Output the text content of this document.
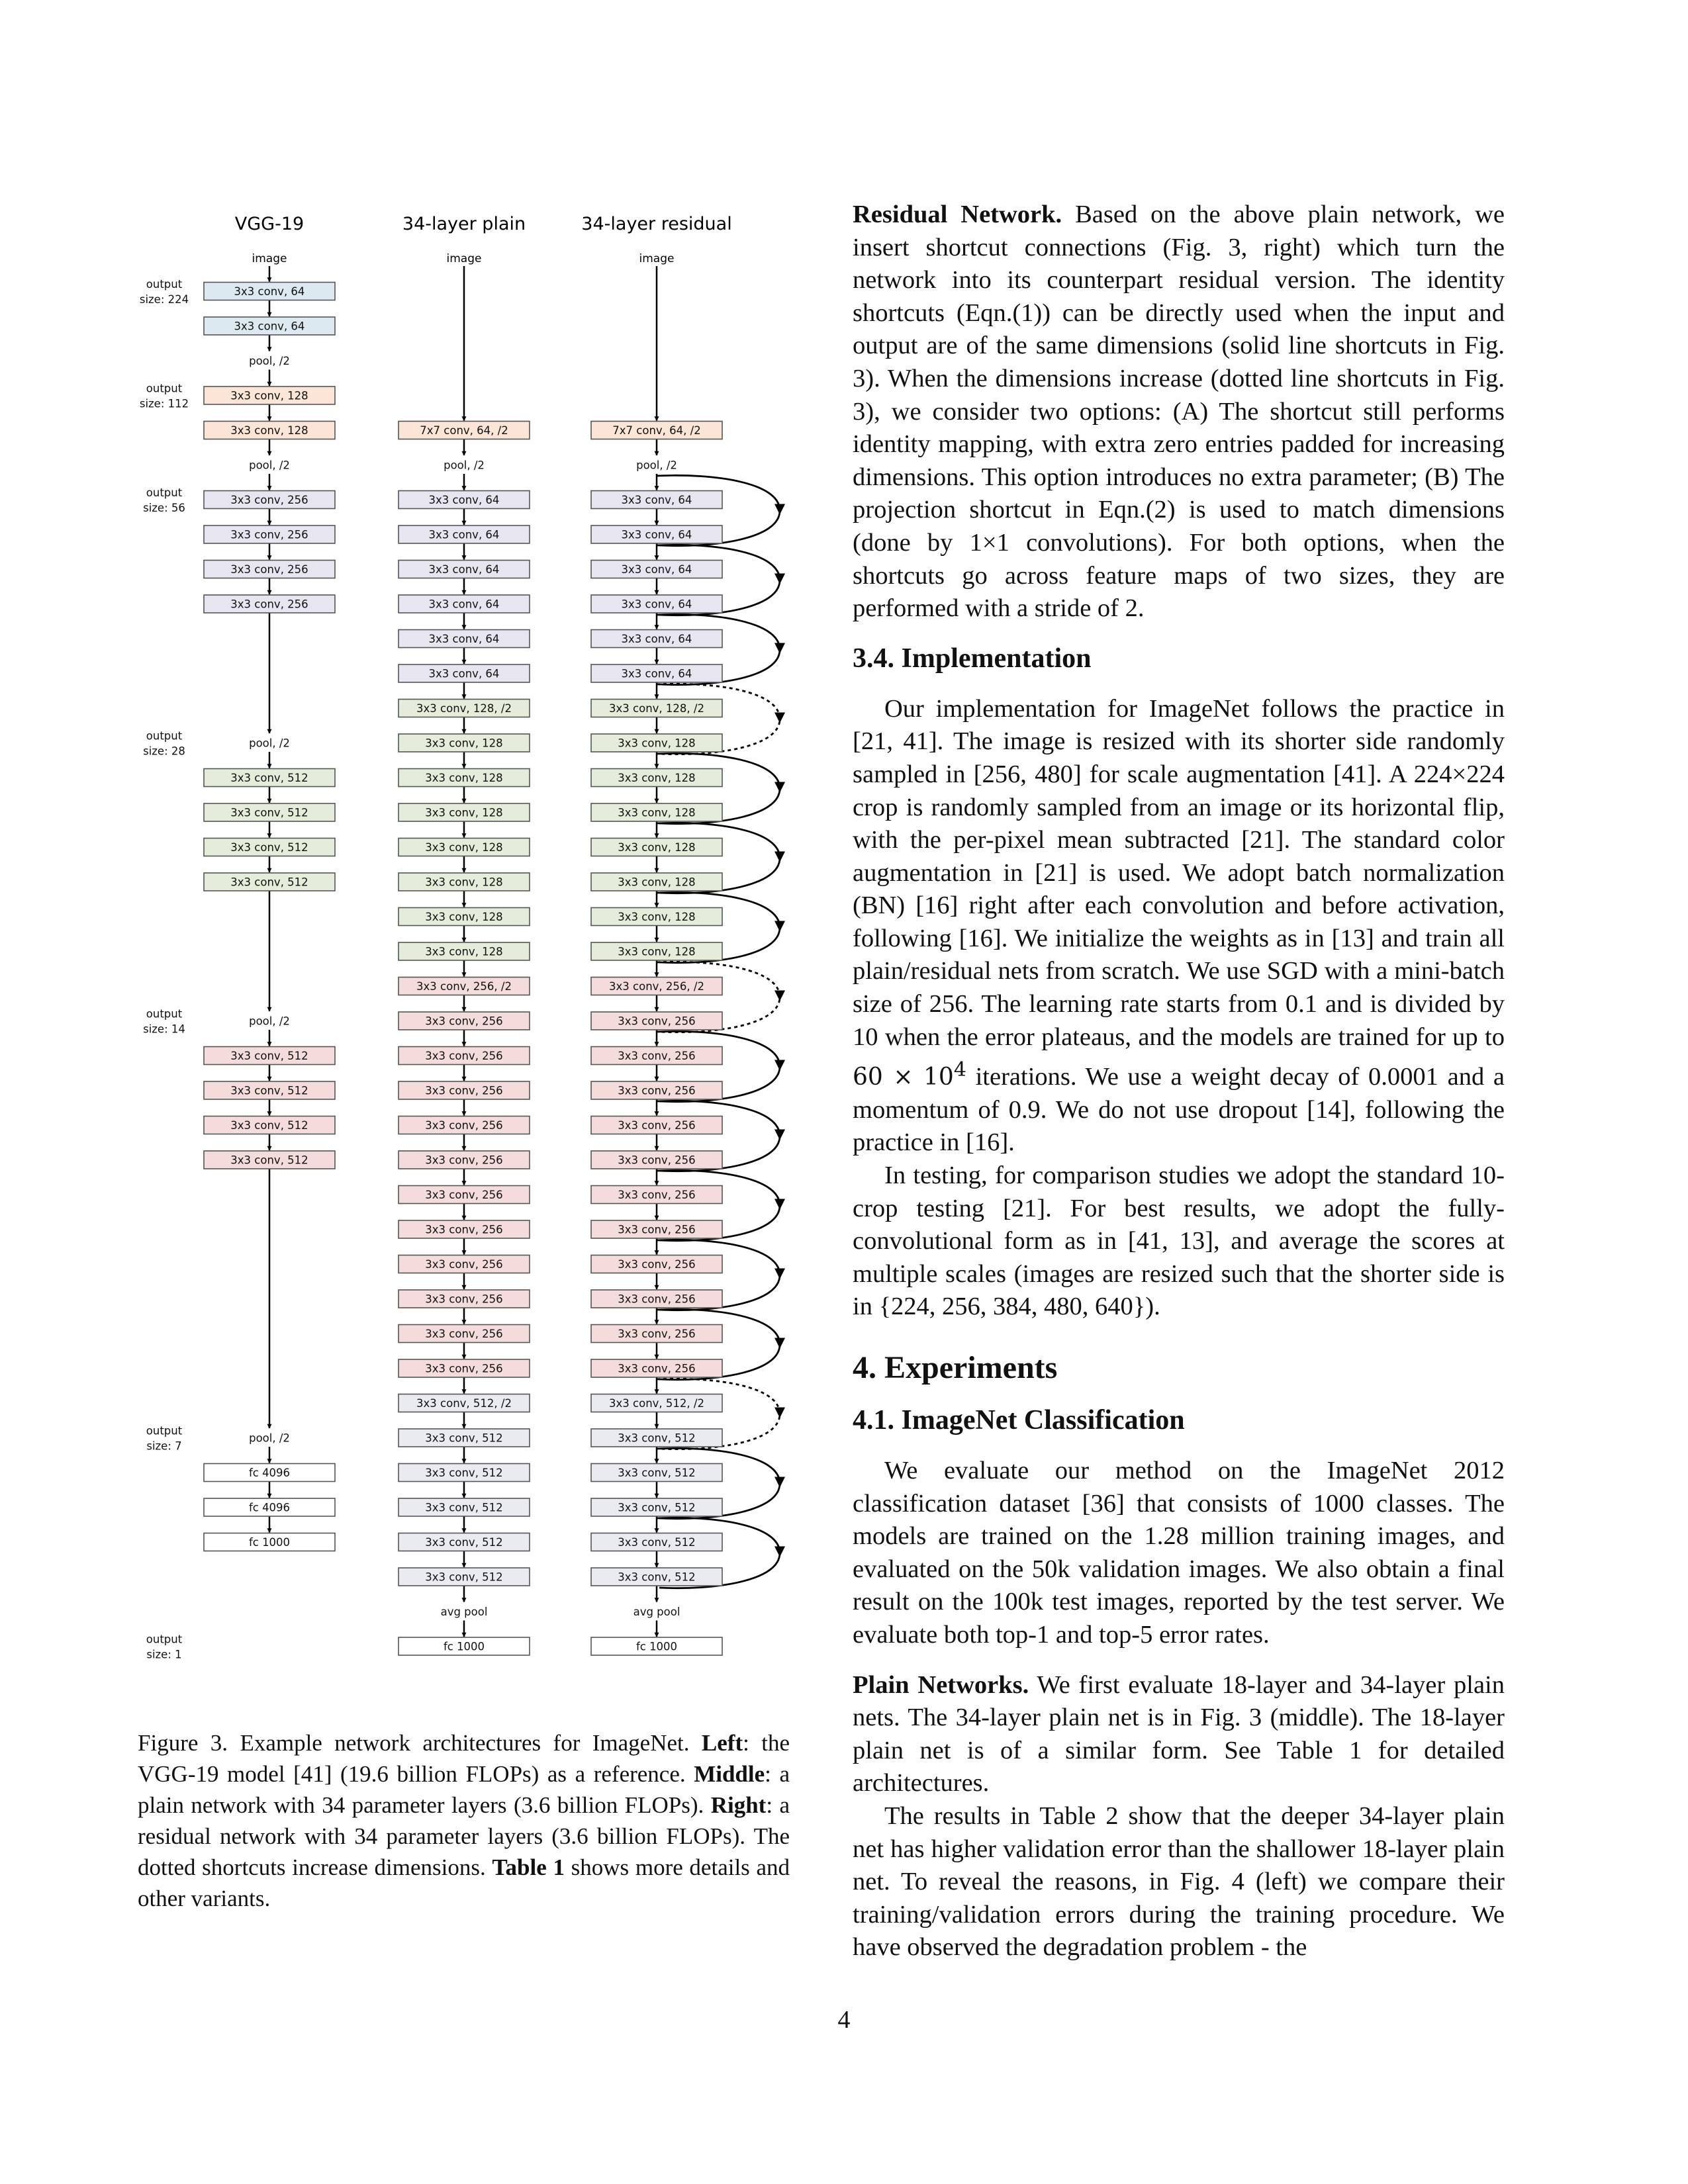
VGG-19	34-layer plain	34-layer residual
image	image	image
output
size: 224
output
size: 112
output
size: 56
output
size: 28
output
size: 14
output
size: 7
output
size: 1
3x3 conv, 64
3x3 conv, 64
pool, /2
3x3 conv, 128
3x3 conv, 128
pool, /2
3x3 conv, 256
3x3 conv, 256
3x3 conv, 256
3x3 conv, 256
pool, /2
3x3 conv, 512
3x3 conv, 512
3x3 conv, 512
3x3 conv, 512
pool, /2
3x3 conv, 512
3x3 conv, 512
3x3 conv, 512
3x3 conv, 512
pool, /2
fc 4096
fc 4096
fc 1000
7x7 conv, 64, /2
pool, /2
3x3 conv, 64
3x3 conv, 64
3x3 conv, 64
3x3 conv, 64
3x3 conv, 64
3x3 conv, 64
3x3 conv, 128, /2
3x3 conv, 128
3x3 conv, 128
3x3 conv, 128
3x3 conv, 128
3x3 conv, 128
3x3 conv, 128
3x3 conv, 128
3x3 conv, 256, /2
3x3 conv, 256
3x3 conv, 256
3x3 conv, 256
3x3 conv, 256
3x3 conv, 256
3x3 conv, 256
3x3 conv, 256
3x3 conv, 256
3x3 conv, 256
3x3 conv, 256
3x3 conv, 256
3x3 conv, 512, /2
3x3 conv, 512
3x3 conv, 512
3x3 conv, 512
3x3 conv, 512
3x3 conv, 512
avg pool
fc 1000
7x7 conv, 64, /2
pool, /2
3x3 conv, 64
3x3 conv, 64
3x3 conv, 64
3x3 conv, 64
3x3 conv, 64
3x3 conv, 64
3x3 conv, 128, /2
3x3 conv, 128
3x3 conv, 128
3x3 conv, 128
3x3 conv, 128
3x3 conv, 128
3x3 conv, 128
3x3 conv, 128
3x3 conv, 256, /2
3x3 conv, 256
3x3 conv, 256
3x3 conv, 256
3x3 conv, 256
3x3 conv, 256
3x3 conv, 256
3x3 conv, 256
3x3 conv, 256
3x3 conv, 256
3x3 conv, 256
3x3 conv, 256
3x3 conv, 512, /2
3x3 conv, 512
3x3 conv, 512
3x3 conv, 512
3x3 conv, 512
3x3 conv, 512
avg pool
fc 1000
Figure 3. Example network architectures for ImageNet. Left: the VGG-19 model [41] (19.6 billion FLOPs) as a reference. Middle: a plain network with 34 parameter layers (3.6 billion FLOPs). Right: a residual network with 34 parameter layers (3.6 billion FLOPs). The dotted shortcuts increase dimensions. Table 1 shows more details and other variants.

Residual Network. Based on the above plain network, we insert shortcut connections (Fig. 3, right) which turn the network into its counterpart residual version. The identity shortcuts (Eqn.(1)) can be directly used when the input and output are of the same dimensions (solid line shortcuts in Fig. 3). When the dimensions increase (dotted line shortcuts in Fig. 3), we consider two options: (A) The shortcut still performs identity mapping, with extra zero entries padded for increasing dimensions. This option introduces no extra parameter; (B) The projection shortcut in Eqn.(2) is used to match dimensions (done by 1×1 convolutions). For both options, when the shortcuts go across feature maps of two sizes, they are performed with a stride of 2.

3.4. Implementation

Our implementation for ImageNet follows the practice in [21, 41]. The image is resized with its shorter side randomly sampled in [256, 480] for scale augmentation [41]. A 224×224 crop is randomly sampled from an image or its horizontal flip, with the per-pixel mean subtracted [21]. The standard color augmentation in [21] is used. We adopt batch normalization (BN) [16] right after each convolution and before activation, following [16]. We initialize the weights as in [13] and train all plain/residual nets from scratch. We use SGD with a mini-batch size of 256. The learning rate starts from 0.1 and is divided by 10 when the error plateaus, and the models are trained for up to $60 \times 10^4$ iterations. We use a weight decay of 0.0001 and a momentum of 0.9. We do not use dropout [14], following the practice in [16].

In testing, for comparison studies we adopt the standard 10-crop testing [21]. For best results, we adopt the fully-convolutional form as in [41, 13], and average the scores at multiple scales (images are resized such that the shorter side is in {224, 256, 384, 480, 640}).

4. Experiments
4.1. ImageNet Classification

We evaluate our method on the ImageNet 2012 classification dataset [36] that consists of 1000 classes. The models are trained on the 1.28 million training images, and evaluated on the 50k validation images. We also obtain a final result on the 100k test images, reported by the test server. We evaluate both top-1 and top-5 error rates.

Plain Networks. We first evaluate 18-layer and 34-layer plain nets. The 34-layer plain net is in Fig. 3 (middle). The 18-layer plain net is of a similar form. See Table 1 for detailed architectures.

The results in Table 2 show that the deeper 34-layer plain net has higher validation error than the shallower 18-layer plain net. To reveal the reasons, in Fig. 4 (left) we compare their training/validation errors during the training procedure. We have observed the degradation problem - the

4
